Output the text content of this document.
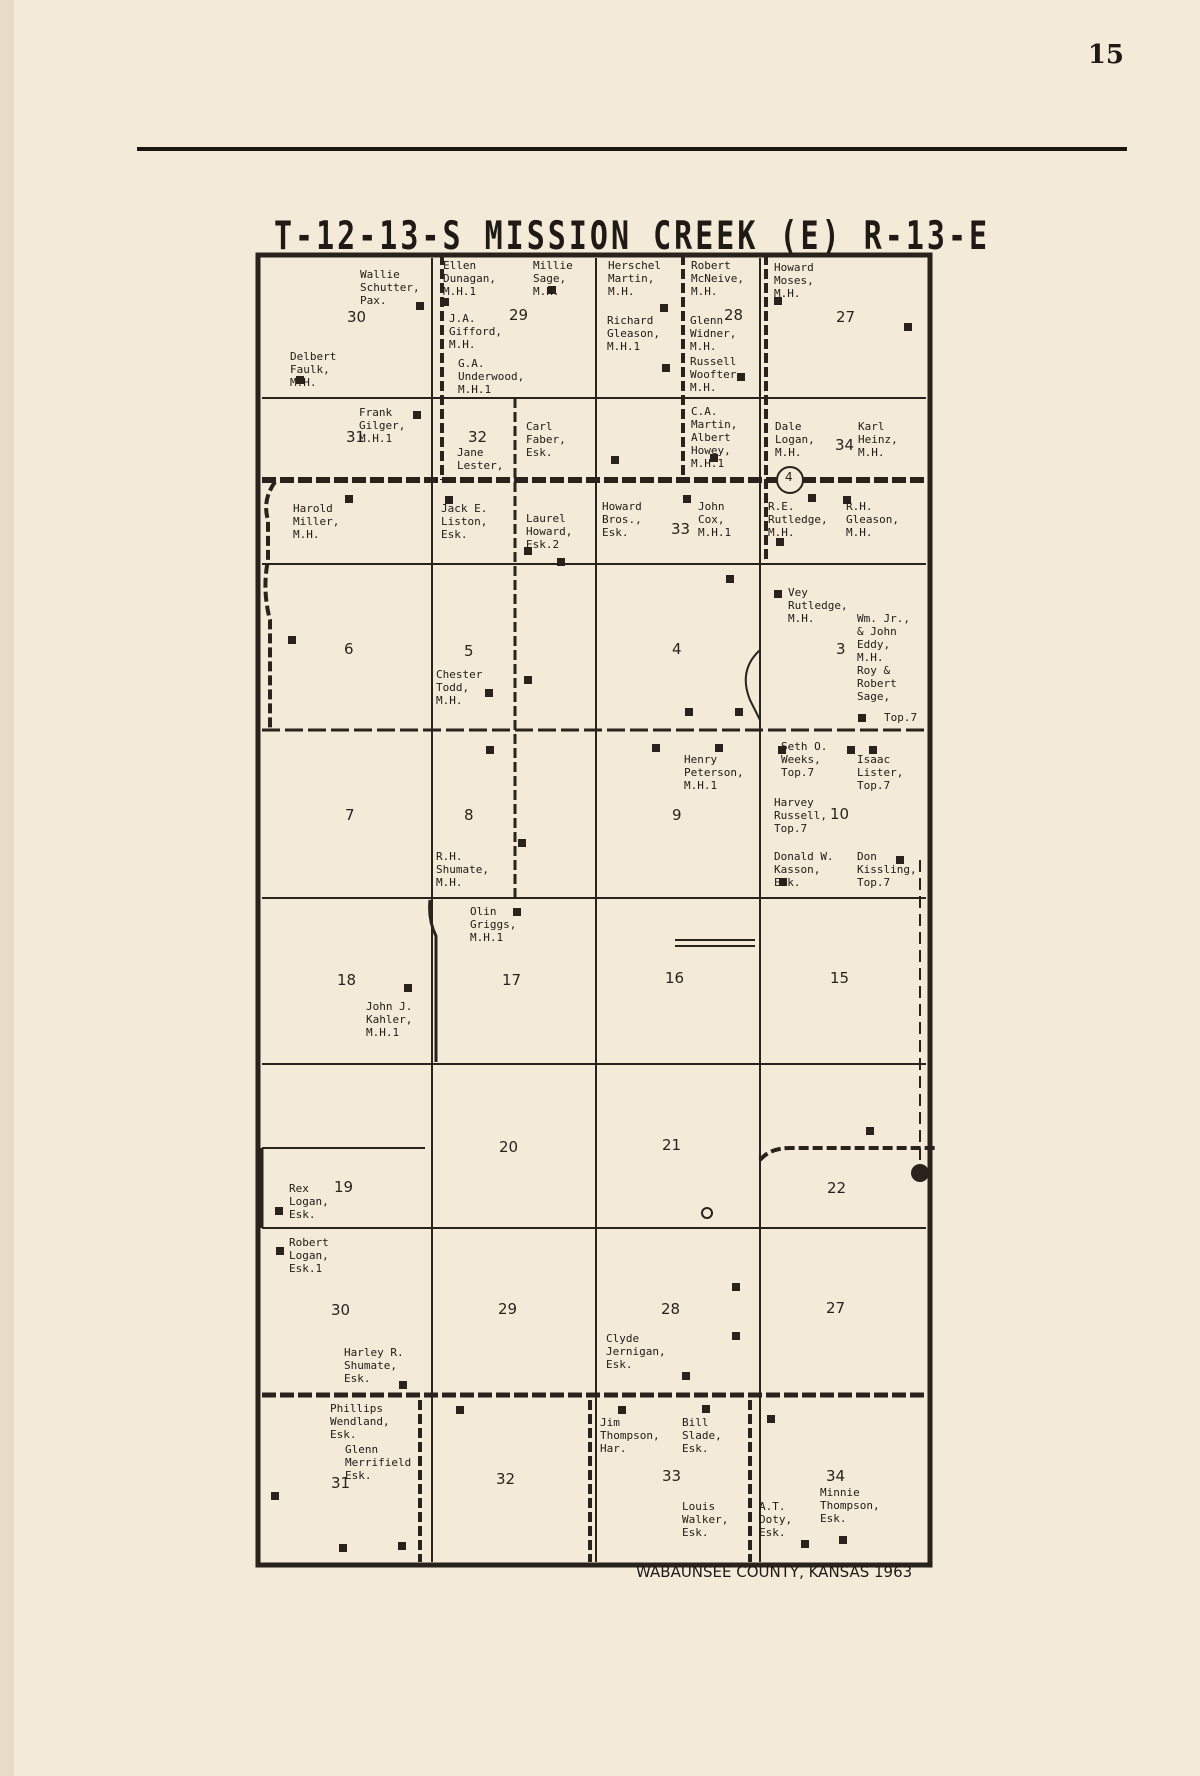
15
T-12-13-S MISSION CREEK (E) R-13-E
4
30	29	28	27
31	32	34
33
6	5	4	3
7	8	9	10
18	17	16	15
19
20	21
22
30	29	28	27
31	32	33	34
Wallie
Schutter,
Pax.
Delbert
Faulk,
M.H.
Ellen
Dunagan,
M.H.1
J.A.
Gifford,
M.H.
G.A.
Underwood,
M.H.1
Millie
Sage,
M.H.
Herschel
Martin,
M.H.
Richard
Gleason,
M.H.1
Robert
McNeive,
M.H.
Glenn
Widner,
M.H.
Russell
Woofter
M.H.
Howard
Moses,
M.H.
Frank
Gilger,
M.H.1
Jane
Lester,
Carl
Faber,
Esk.
C.A.
Martin,
Albert
Howey,
M.H.1
Dale
Logan,
M.H.
Karl
Heinz,
M.H.
Harold
Miller,
M.H.
Jack E.
Liston,
Esk.
Laurel
Howard,
Esk.2
Howard
Bros.,
Esk.
John
Cox,
M.H.1
R.E.
Rutledge,
M.H.
R.H.
Gleason,
M.H.
Vey
Rutledge,
M.H.	Wm. Jr.,
& John
Eddy,
M.H.
Roy &
Robert
Sage,
Top.7
Chester
Todd,
M.H.
Henry
Peterson,
M.H.1
Seth O.
Weeks,
Top.7
Isaac
Lister,
Top.7
Harvey
Russell,
Top.7
Donald W.
Kasson,
Esk.
Don
Kissling,
Top.7
R.H.
Shumate,
M.H.
Olin
Griggs,
M.H.1
John J.
Kahler,
M.H.1
Rex
Logan,
Esk.
Robert
Logan,
Esk.1
Harley R.
Shumate,
Esk.
Clyde
Jernigan,
Esk.
Phillips
Wendland,
Esk.
Glenn
Merrifield
Esk.
Jim
Thompson,
Har.
Bill
Slade,
Esk.
Louis
Walker,
Esk.
A.T.
Doty,
Esk.
Minnie
Thompson,
Esk.
WABAUNSEE COUNTY, KANSAS 1963
